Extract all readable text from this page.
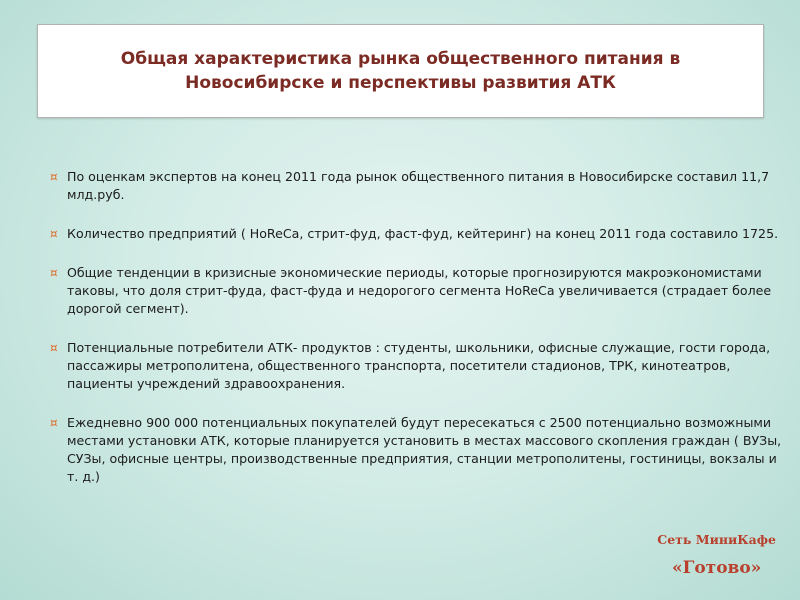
Общая характеристика рынка общественного питания в
Новосибирске и перспективы развития АТК
¤ По оценкам экспертов на конец 2011 года рынок общественного питания в Новосибирске составил 11,7 млд.руб.
¤ Количество предприятий ( HoReCa, стрит-фуд, фаст-фуд, кейтеринг) на конец 2011 года составило 1725.
¤ Общие тенденции в кризисные экономические периоды, которые прогнозируются макроэкономистами таковы, что доля стрит-фуда, фаст-фуда и недорогого сегмента HoReCa увеличивается (страдает более дорогой сегмент).
¤ Потенциальные потребители АТК- продуктов : студенты, школьники, офисные служащие, гости города, пассажиры метрополитена, общественного транспорта, посетители стадионов, ТРК, кинотеатров, пациенты учреждений здравоохранения.
¤ Ежедневно 900 000 потенциальных покупателей будут пересекаться с 2500 потенциально возможными местами установки АТК, которые планируется установить в местах массового скопления граждан ( ВУЗы, СУЗы, офисные центры, производственные предприятия, станции метрополитены, гостиницы, вокзалы и т. д.)
Сеть МиниКафе
«Готово»
